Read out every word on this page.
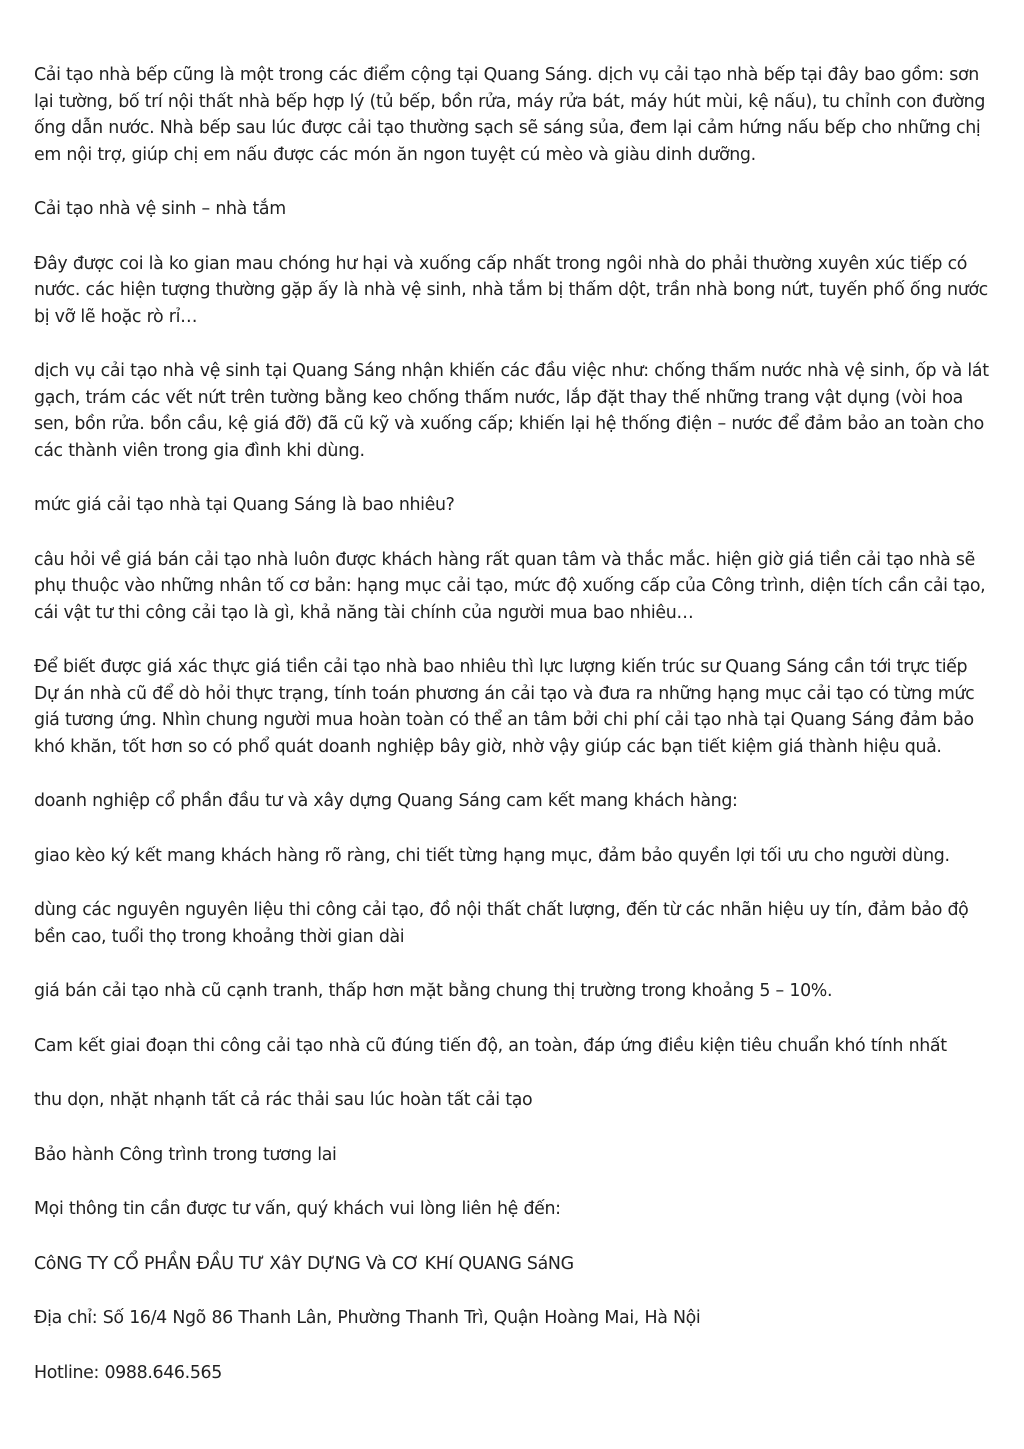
Cải tạo nhà bếp cũng là một trong các điểm cộng tại Quang Sáng. dịch vụ cải tạo nhà bếp tại đây bao gồm: sơn lại tường, bố trí nội thất nhà bếp hợp lý (tủ bếp, bồn rửa, máy rửa bát, máy hút mùi, kệ nấu), tu chỉnh con đường ống dẫn nước. Nhà bếp sau lúc được cải tạo thường sạch sẽ sáng sủa, đem lại cảm hứng nấu bếp cho những chị em nội trợ, giúp chị em nấu được các món ăn ngon tuyệt cú mèo và giàu dinh dưỡng.

Cải tạo nhà vệ sinh – nhà tắm

Đây được coi là ko gian mau chóng hư hại và xuống cấp nhất trong ngôi nhà do phải thường xuyên xúc tiếp có nước. các hiện tượng thường gặp ấy là nhà vệ sinh, nhà tắm bị thấm dột, trần nhà bong nứt, tuyến phố ống nước bị vỡ lẽ hoặc rò rỉ…

dịch vụ cải tạo nhà vệ sinh tại Quang Sáng nhận khiến các đầu việc như: chống thấm nước nhà vệ sinh, ốp và lát gạch, trám các vết nứt trên tường bằng keo chống thấm nước, lắp đặt thay thế những trang vật dụng (vòi hoa sen, bồn rửa. bồn cầu, kệ giá đỡ) đã cũ kỹ và xuống cấp; khiến lại hệ thống điện – nước để đảm bảo an toàn cho các thành viên trong gia đình khi dùng.

mức giá cải tạo nhà tại Quang Sáng là bao nhiêu?

câu hỏi về giá bán cải tạo nhà luôn được khách hàng rất quan tâm và thắc mắc. hiện giờ giá tiền cải tạo nhà sẽ phụ thuộc vào những nhân tố cơ bản: hạng mục cải tạo, mức độ xuống cấp của Công trình, diện tích cần cải tạo, cái vật tư thi công cải tạo là gì, khả năng tài chính của người mua bao nhiêu…

Để biết được giá xác thực giá tiền cải tạo nhà bao nhiêu thì lực lượng kiến trúc sư Quang Sáng cần tới trực tiếp Dự án nhà cũ để dò hỏi thực trạng, tính toán phương án cải tạo và đưa ra những hạng mục cải tạo có từng mức giá tương ứng. Nhìn chung người mua hoàn toàn có thể an tâm bởi chi phí cải tạo nhà tại Quang Sáng đảm bảo khó khăn, tốt hơn so có phổ quát doanh nghiệp bây giờ, nhờ vậy giúp các bạn tiết kiệm giá thành hiệu quả.

doanh nghiệp cổ phần đầu tư và xây dựng Quang Sáng cam kết mang khách hàng:

giao kèo ký kết mang khách hàng rõ ràng, chi tiết từng hạng mục, đảm bảo quyền lợi tối ưu cho người dùng.

dùng các nguyên nguyên liệu thi công cải tạo, đồ nội thất chất lượng, đến từ các nhãn hiệu uy tín, đảm bảo độ bền cao, tuổi thọ trong khoảng thời gian dài

giá bán cải tạo nhà cũ cạnh tranh, thấp hơn mặt bằng chung thị trường trong khoảng 5 – 10%.

Cam kết giai đoạn thi công cải tạo nhà cũ đúng tiến độ, an toàn, đáp ứng điều kiện tiêu chuẩn khó tính nhất

thu dọn, nhặt nhạnh tất cả rác thải sau lúc hoàn tất cải tạo

Bảo hành Công trình trong tương lai

Mọi thông tin cần được tư vấn, quý khách vui lòng liên hệ đến:

CôNG TY CỔ PHẦN ĐẦU TƯ XâY DỰNG Và CƠ KHí QUANG SáNG

Địa chỉ: Số 16/4 Ngõ 86 Thanh Lân, Phường Thanh Trì, Quận Hoàng Mai, Hà Nội

Hotline: 0988.646.565
